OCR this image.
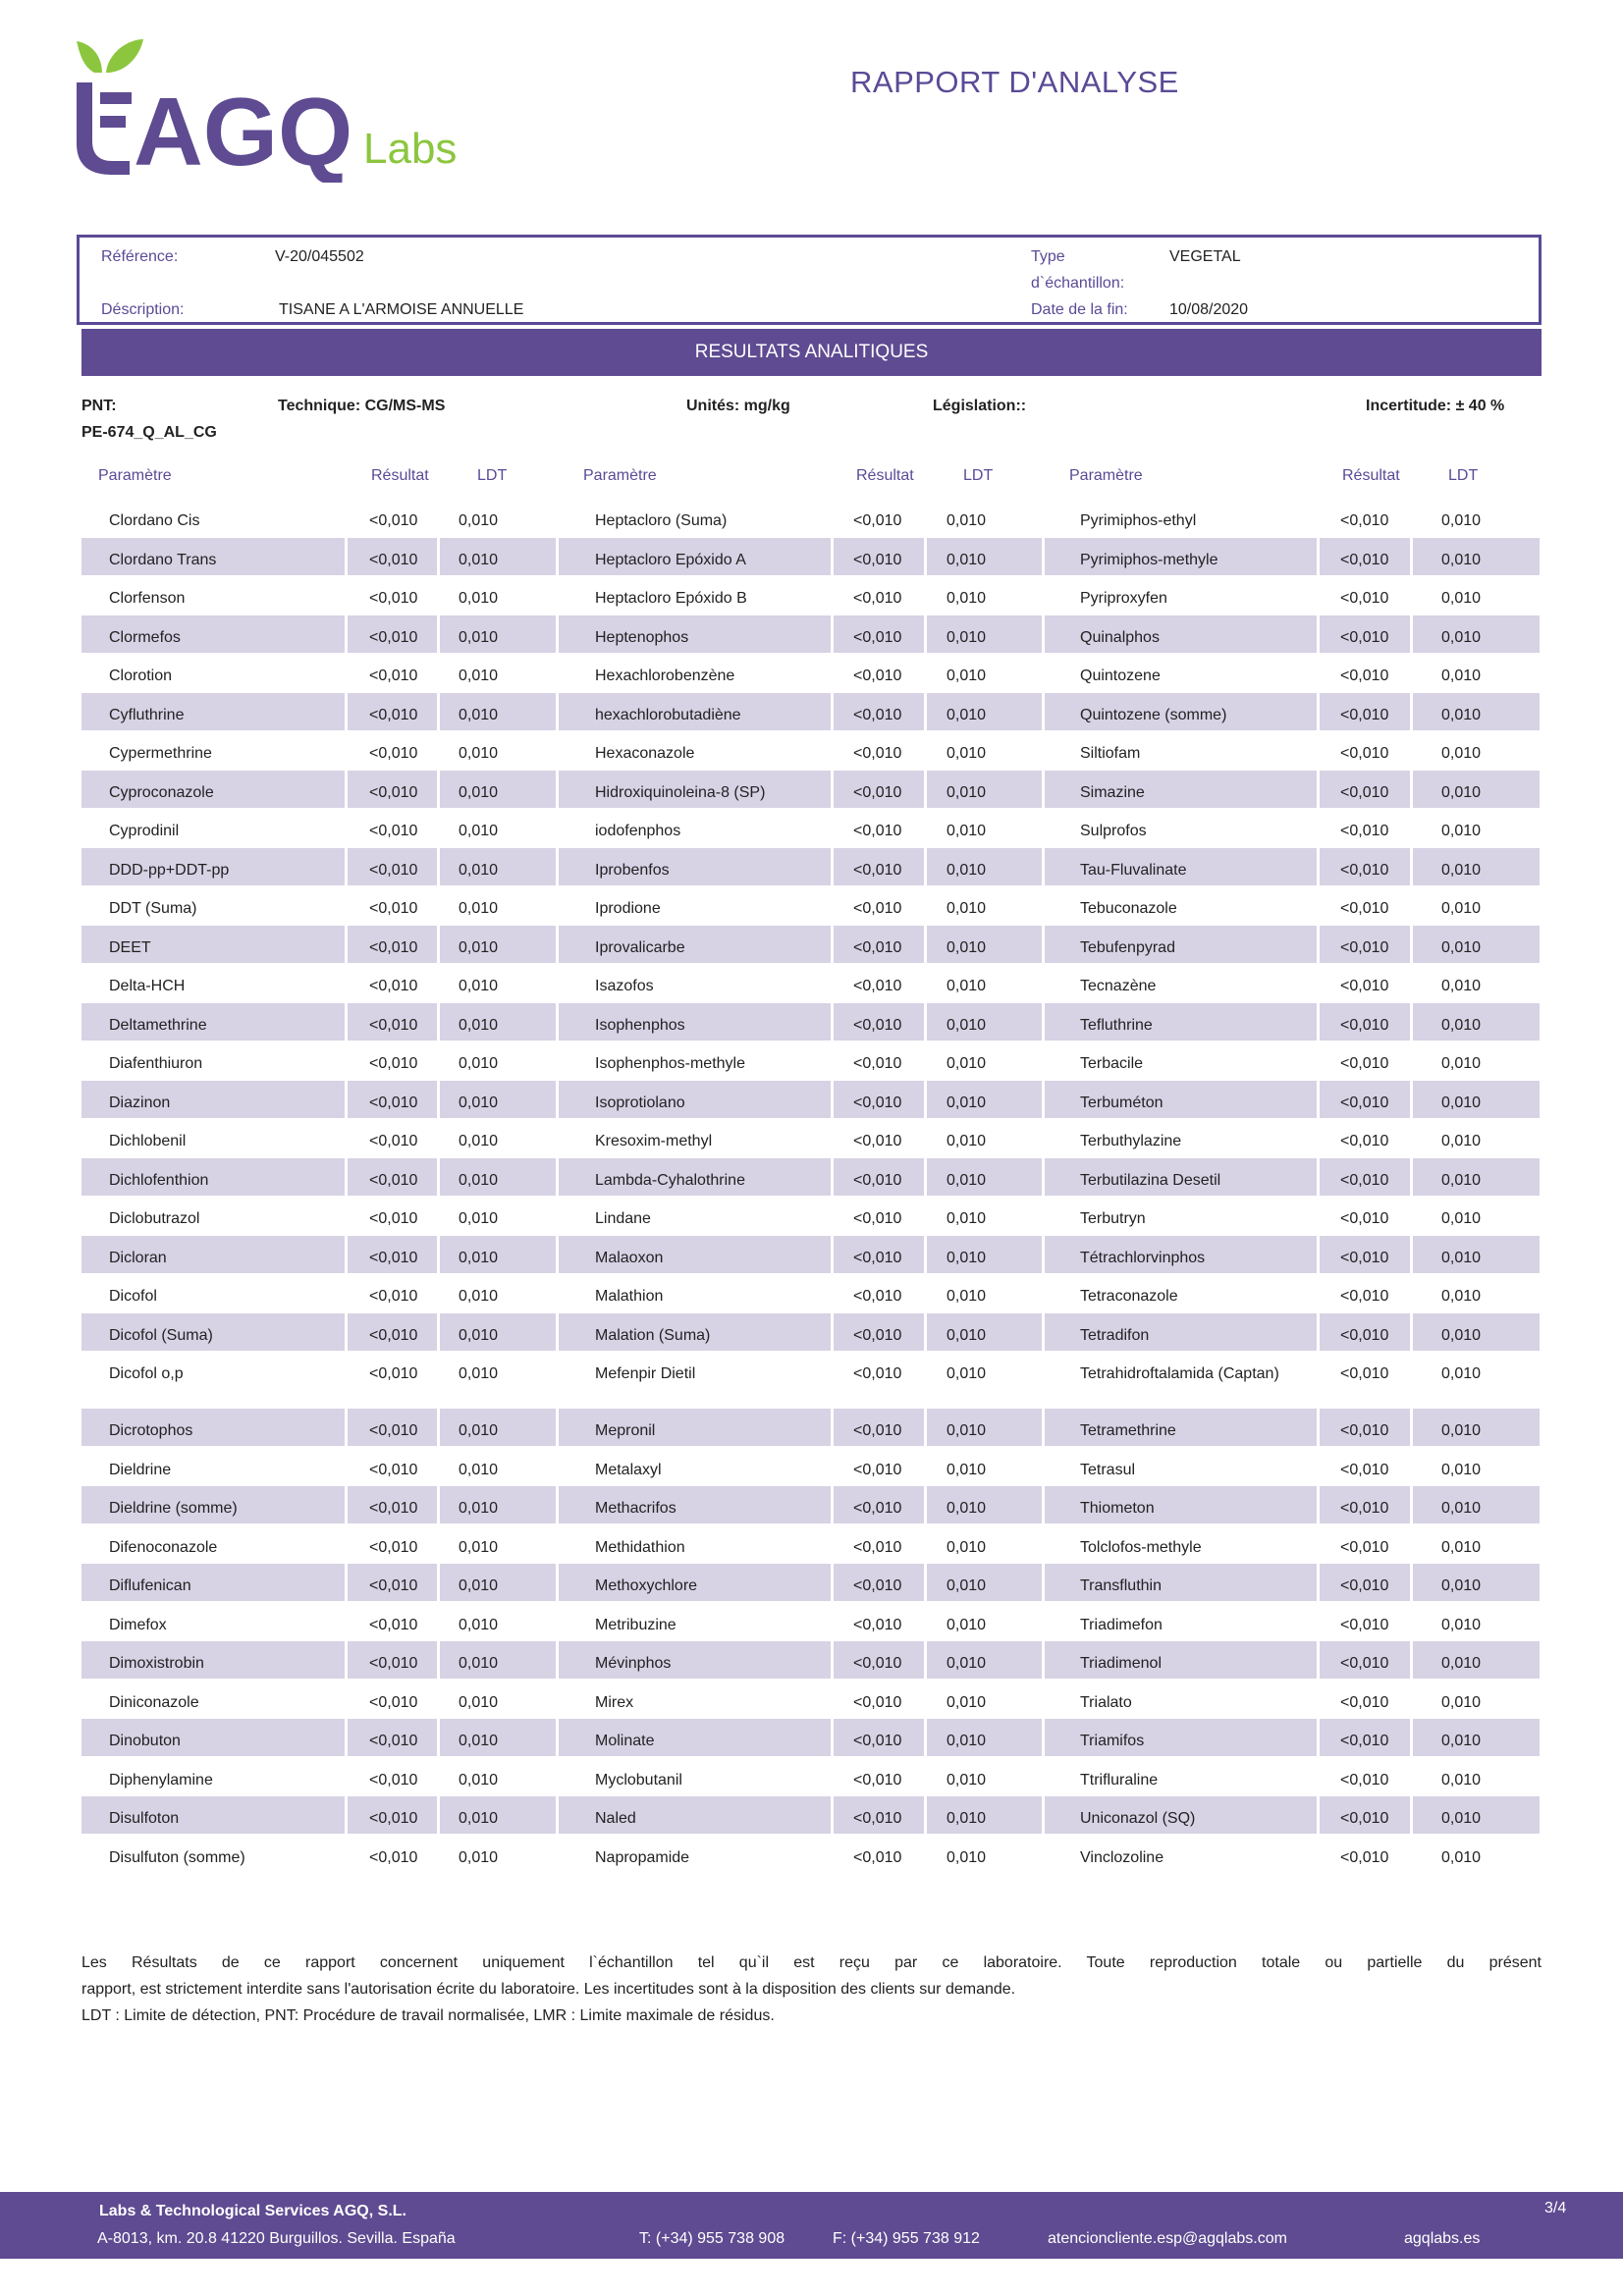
AGQ Labs
RAPPORT D'ANALYSE
Référence:	V-20/045502
Déscription:	TISANE A L'ARMOISE ANNUELLE
Type
d`échantillon:
VEGETAL
Date de la fin:	10/08/2020
RESULTATS ANALITIQUES
PNT:
PE-674_Q_AL_CG
Technique: CG/MS-MS	Unités: mg/kg	Législation::	Incertitude: ± 40 %
Paramètre	Résultat	LDT	Paramètre	Résultat	LDT	Paramètre	Résultat	LDT
Clordano Cis	<0,010	0,010	Heptacloro (Suma)	<0,010	0,010	Pyrimiphos-ethyl	<0,010	0,010
Clordano Trans	<0,010	0,010	Heptacloro Epóxido A	<0,010	0,010	Pyrimiphos-methyle	<0,010	0,010
Clorfenson	<0,010	0,010	Heptacloro Epóxido B	<0,010	0,010	Pyriproxyfen	<0,010	0,010
Clormefos	<0,010	0,010	Heptenophos	<0,010	0,010	Quinalphos	<0,010	0,010
Clorotion	<0,010	0,010	Hexachlorobenzène	<0,010	0,010	Quintozene	<0,010	0,010
Cyfluthrine	<0,010	0,010	hexachlorobutadiène	<0,010	0,010	Quintozene (somme)	<0,010	0,010
Cypermethrine	<0,010	0,010	Hexaconazole	<0,010	0,010	Siltiofam	<0,010	0,010
Cyproconazole	<0,010	0,010	Hidroxiquinoleina-8 (SP)	<0,010	0,010	Simazine	<0,010	0,010
Cyprodinil	<0,010	0,010	iodofenphos	<0,010	0,010	Sulprofos	<0,010	0,010
DDD-pp+DDT-pp	<0,010	0,010	Iprobenfos	<0,010	0,010	Tau-Fluvalinate	<0,010	0,010
DDT (Suma)	<0,010	0,010	Iprodione	<0,010	0,010	Tebuconazole	<0,010	0,010
DEET	<0,010	0,010	Iprovalicarbe	<0,010	0,010	Tebufenpyrad	<0,010	0,010
Delta-HCH	<0,010	0,010	Isazofos	<0,010	0,010	Tecnazène	<0,010	0,010
Deltamethrine	<0,010	0,010	Isophenphos	<0,010	0,010	Tefluthrine	<0,010	0,010
Diafenthiuron	<0,010	0,010	Isophenphos-methyle	<0,010	0,010	Terbacile	<0,010	0,010
Diazinon	<0,010	0,010	Isoprotiolano	<0,010	0,010	Terbuméton	<0,010	0,010
Dichlobenil	<0,010	0,010	Kresoxim-methyl	<0,010	0,010	Terbuthylazine	<0,010	0,010
Dichlofenthion	<0,010	0,010	Lambda-Cyhalothrine	<0,010	0,010	Terbutilazina Desetil	<0,010	0,010
Diclobutrazol	<0,010	0,010	Lindane	<0,010	0,010	Terbutryn	<0,010	0,010
Dicloran	<0,010	0,010	Malaoxon	<0,010	0,010	Tétrachlorvinphos	<0,010	0,010
Dicofol	<0,010	0,010	Malathion	<0,010	0,010	Tetraconazole	<0,010	0,010
Dicofol (Suma)	<0,010	0,010	Malation (Suma)	<0,010	0,010	Tetradifon	<0,010	0,010
Dicofol o,p	<0,010	0,010	Mefenpir Dietil	<0,010	0,010	Tetrahidroftalamida (Captan)	<0,010	0,010
Dicrotophos	<0,010	0,010	Mepronil	<0,010	0,010	Tetramethrine	<0,010	0,010
Dieldrine	<0,010	0,010	Metalaxyl	<0,010	0,010	Tetrasul	<0,010	0,010
Dieldrine (somme)	<0,010	0,010	Methacrifos	<0,010	0,010	Thiometon	<0,010	0,010
Difenoconazole	<0,010	0,010	Methidathion	<0,010	0,010	Tolclofos-methyle	<0,010	0,010
Diflufenican	<0,010	0,010	Methoxychlore	<0,010	0,010	Transfluthin	<0,010	0,010
Dimefox	<0,010	0,010	Metribuzine	<0,010	0,010	Triadimefon	<0,010	0,010
Dimoxistrobin	<0,010	0,010	Mévinphos	<0,010	0,010	Triadimenol	<0,010	0,010
Diniconazole	<0,010	0,010	Mirex	<0,010	0,010	Trialato	<0,010	0,010
Dinobuton	<0,010	0,010	Molinate	<0,010	0,010	Triamifos	<0,010	0,010
Diphenylamine	<0,010	0,010	Myclobutanil	<0,010	0,010	Ttrifluraline	<0,010	0,010
Disulfoton	<0,010	0,010	Naled	<0,010	0,010	Uniconazol (SQ)	<0,010	0,010
Disulfuton (somme)	<0,010	0,010	Napropamide	<0,010	0,010	Vinclozoline	<0,010	0,010
Les Résultats de ce rapport concernent uniquement l`échantillon tel qu`il est reçu par ce laboratoire. Toute reproduction totale ou partielle du présent
rapport, est strictement interdite sans l'autorisation écrite du laboratoire. Les incertitudes sont à la disposition des clients sur demande.
LDT : Limite de détection, PNT: Procédure de travail normalisée, LMR : Limite maximale de résidus.
Labs & Technological Services AGQ, S.L.
A-8013, km. 20.8 41220 Burguillos. Sevilla. España	T: (+34) 955 738 908	F: (+34) 955 738 912	atencioncliente.esp@agqlabs.com	agqlabs.es
3/4
